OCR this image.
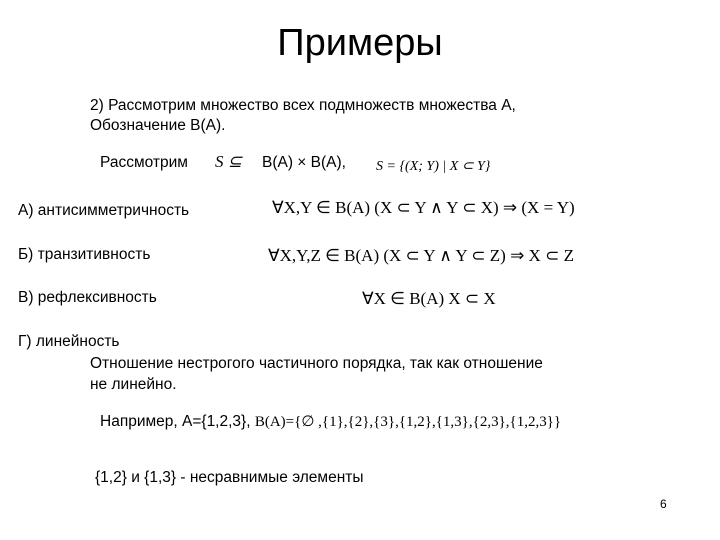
Примеры
2) Рассмотрим множество всех подмножеств множества А,
Обозначение B(A).
Рассмотрим S ⊆ B(A) × B(A), S = {(X; Y) | X ⊂ Y}
А) антисимметричность	∀X,Y ∈ B(A) (X ⊂ Y ∧ Y ⊂ X) ⇒ (X = Y)
Б) транзитивность	∀X,Y,Z ∈ B(A) (X ⊂ Y ∧ Y ⊂ Z) ⇒ X ⊂ Z
В) рефлексивность	∀X ∈ B(A) X ⊂ X
Г) линейность
Отношение нестрогого частичного порядка, так как отношение
не линейно.
Например, А={1,2,3}, B(A)={∅ ,{1},{2},{3},{1,2},{1,3},{2,3},{1,2,3}}
{1,2} и {1,3} - несравнимые элементы
6
